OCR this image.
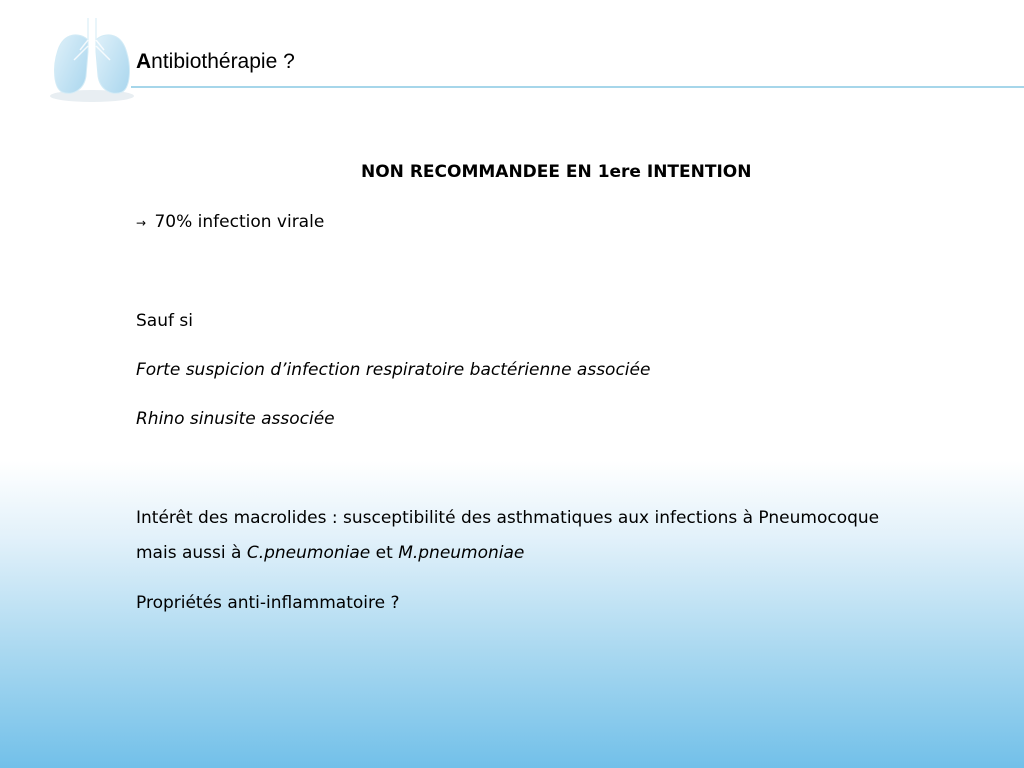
Antibiothérapie ?
NON RECOMMANDEE EN 1ere INTENTION
→ 70% infection virale
Sauf si
Forte suspicion d’infection respiratoire bactérienne associée
Rhino sinusite associée
Intérêt des macrolides : susceptibilité des asthmatiques aux infections à Pneumocoque
mais aussi à C.pneumoniae et M.pneumoniae
Propriétés anti-inflammatoire ?
